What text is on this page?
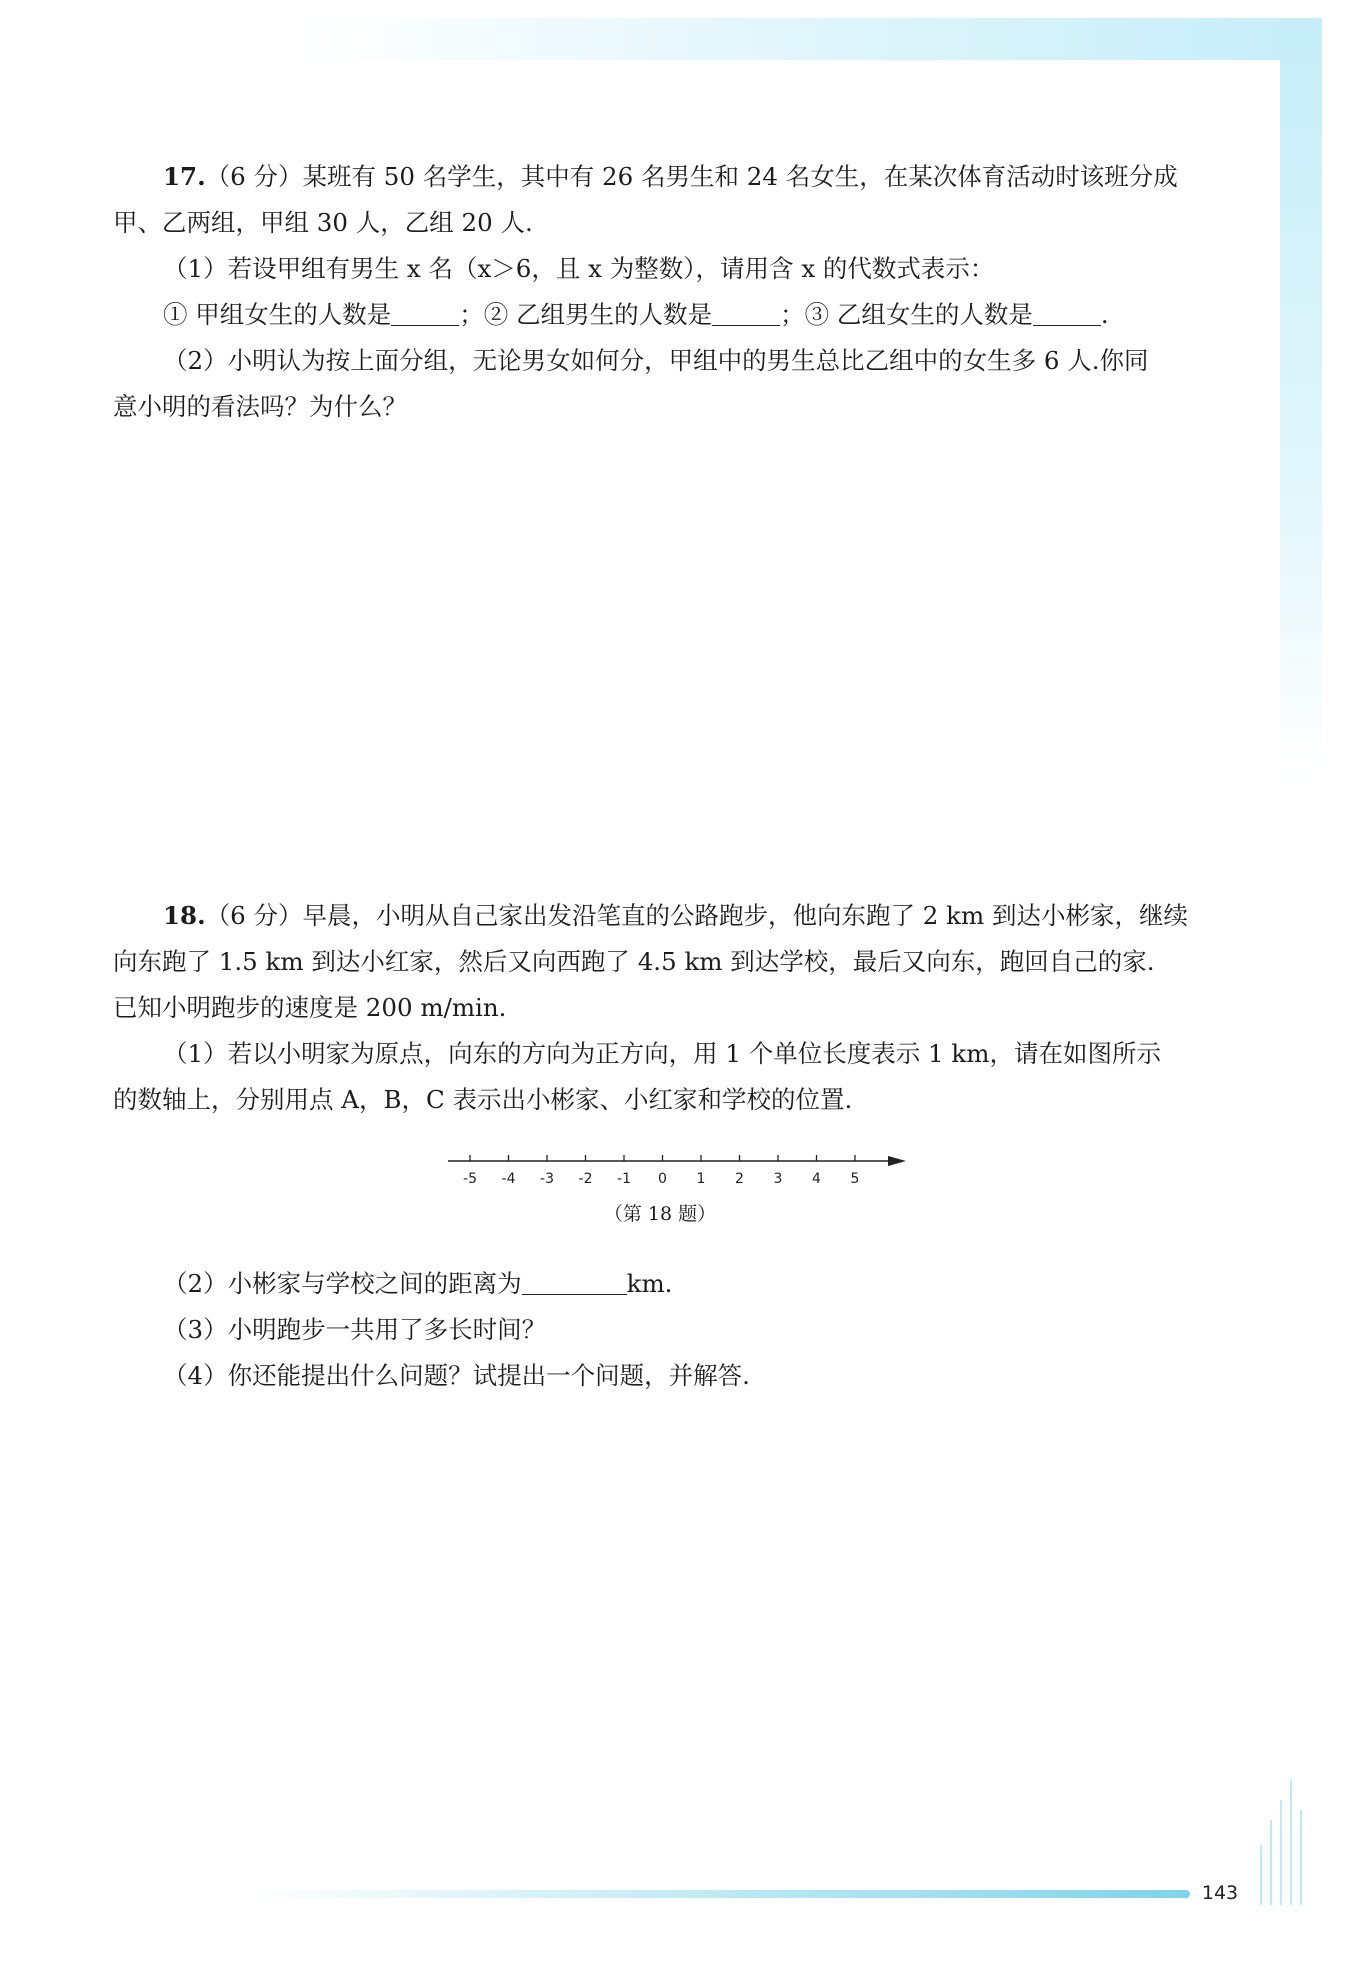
17.（6 分）某班有 50 名学生，其中有 26 名男生和 24 名女生，在某次体育活动时该班分成

甲、乙两组，甲组 30 人，乙组 20 人.

（1）若设甲组有男生 x 名（x＞6，且 x 为整数），请用含 x 的代数式表示：

① 甲组女生的人数是	；② 乙组男生的人数是	；③ 乙组女生的人数是	.

（2）小明认为按上面分组，无论男女如何分，甲组中的男生总比乙组中的女生多 6 人.你同

意小明的看法吗？为什么？

18.（6 分）早晨，小明从自己家出发沿笔直的公路跑步，他向东跑了 2 km 到达小彬家，继续

向东跑了 1.5 km 到达小红家，然后又向西跑了 4.5 km 到达学校，最后又向东，跑回自己的家.

已知小明跑步的速度是 200 m/min.

（1）若以小明家为原点，向东的方向为正方向，用 1 个单位长度表示 1 km，请在如图所示

的数轴上，分别用点 A，B，C 表示出小彬家、小红家和学校的位置.

-5 -4 -3 -2 -1 0 1 2 3 4 5
（第 18 题）

（2）小彬家与学校之间的距离为	km.

（3）小明跑步一共用了多长时间？

（4）你还能提出什么问题？试提出一个问题，并解答.

143
